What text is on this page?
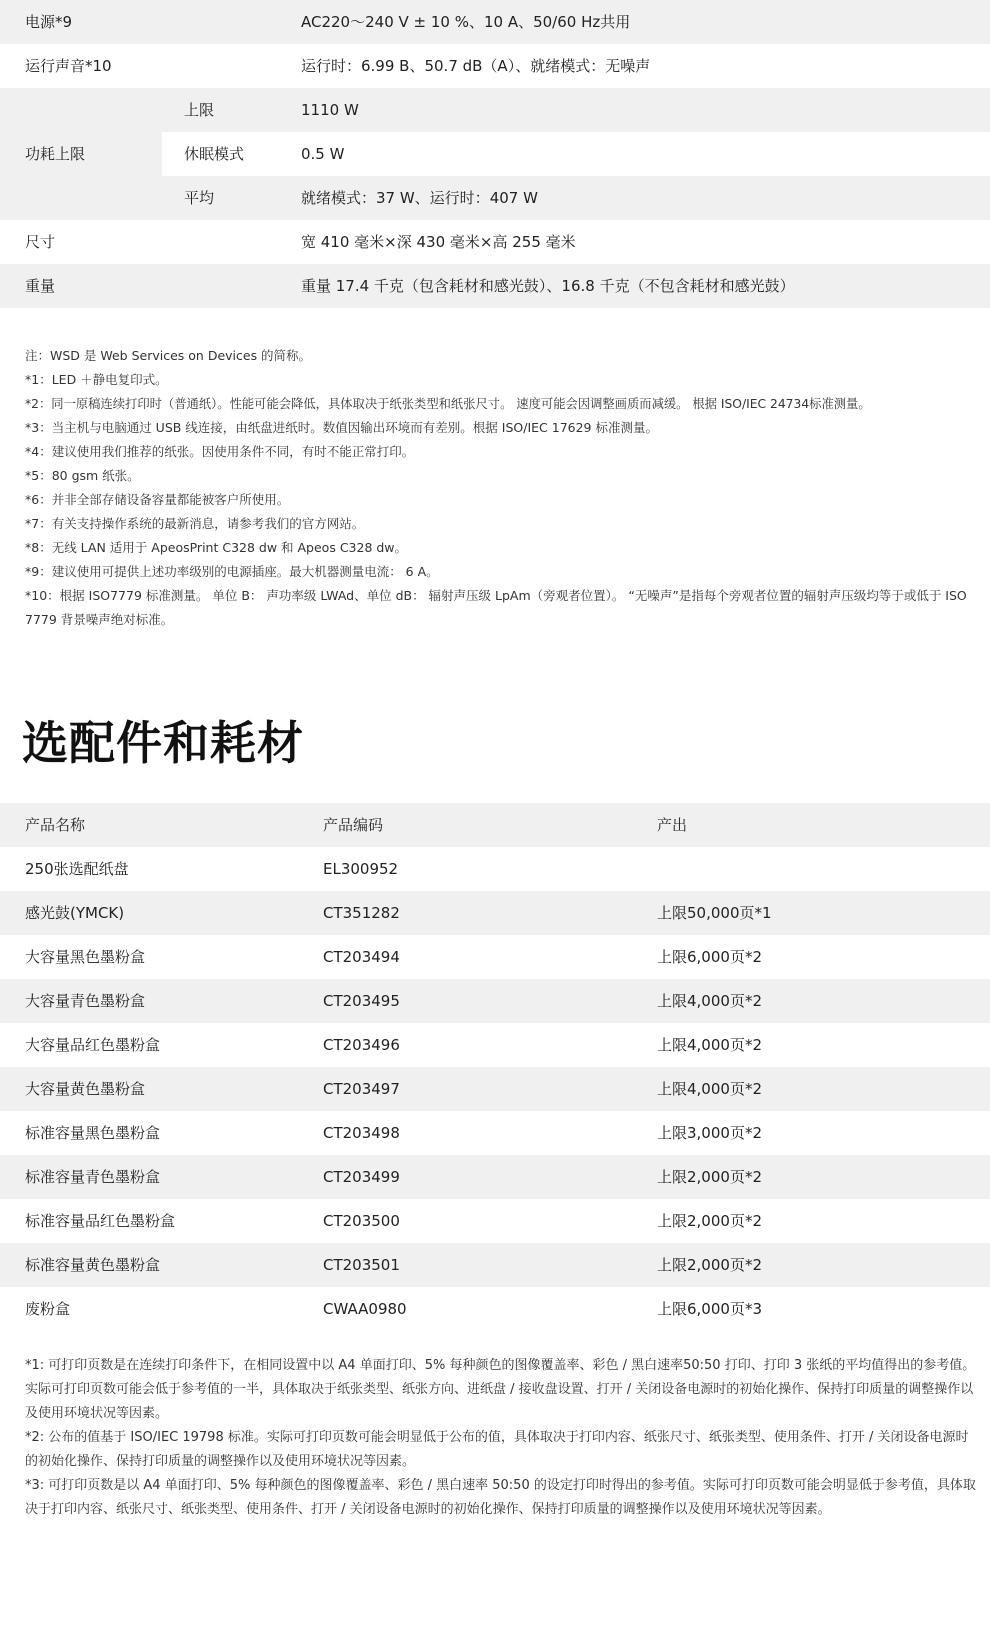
电源*9	AC220～240 V ± 10 %、10 A、50/60 Hz共用
运行声音*10	运行时：6.99 B、50.7 dB（A）、就绪模式：无噪声
功耗上限
上限	1110 W
休眠模式	0.5 W
平均	就绪模式：37 W、运行时：407 W
尺寸	宽 410 毫米×深 430 毫米×高 255 毫米
重量	重量 17.4 千克（包含耗材和感光鼓）、16.8 千克（不包含耗材和感光鼓）
注：WSD 是 Web Services on Devices 的简称。
*1：LED ＋静电复印式。
*2：同一原稿连续打印时（普通纸）。性能可能会降低，具体取决于纸张类型和纸张尺寸。 速度可能会因调整画质而减缓。 根据 ISO/IEC 24734标准测量。
*3：当主机与电脑通过 USB 线连接，由纸盘进纸时。数值因输出环境而有差别。根据 ISO/IEC 17629 标准测量。
*4：建议使用我们推荐的纸张。因使用条件不同，有时不能正常打印。
*5：80 gsm 纸张。
*6：并非全部存储设备容量都能被客户所使用。
*7：有关支持操作系统的最新消息，请参考我们的官方网站。
*8：无线 LAN 适用于 ApeosPrint C328 dw 和 Apeos C328 dw。
*9：建议使用可提供上述功率级别的电源插座。最大机器测量电流： 6 A。
*10：根据 ISO7779 标准测量。 单位 B： 声功率级 LWAd、单位 dB： 辐射声压级 LpAm（旁观者位置）。 “无噪声”是指每个旁观者位置的辐射声压级均等于或低于 ISO 7779 背景噪声绝对标准。
选配件和耗材
产品名称	产品编码	产出
250张选配纸盘	EL300952
感光鼓(YMCK)	CT351282	上限50,000页*1
大容量黑色墨粉盒	CT203494	上限6,000页*2
大容量青色墨粉盒	CT203495	上限4,000页*2
大容量品红色墨粉盒	CT203496	上限4,000页*2
大容量黄色墨粉盒	CT203497	上限4,000页*2
标准容量黑色墨粉盒	CT203498	上限3,000页*2
标准容量青色墨粉盒	CT203499	上限2,000页*2
标准容量品红色墨粉盒	CT203500	上限2,000页*2
标准容量黄色墨粉盒	CT203501	上限2,000页*2
废粉盒	CWAA0980	上限6,000页*3
*1: 可打印页数是在连续打印条件下，在相同设置中以 A4 单面打印、5% 每种颜色的图像覆盖率、彩色 / 黑白速率50:50 打印、打印 3 张纸的平均值得出的参考值。实际可打印页数可能会低于参考值的一半，具体取决于纸张类型、纸张方向、进纸盘 / 接收盘设置、打开 / 关闭设备电源时的初始化操作、保持打印质量的调整操作以及使用环境状况等因素。
*2: 公布的值基于 ISO/IEC 19798 标准。实际可打印页数可能会明显低于公布的值，具体取决于打印内容、纸张尺寸、纸张类型、使用条件、打开 / 关闭设备电源时的初始化操作、保持打印质量的调整操作以及使用环境状况等因素。
*3: 可打印页数是以 A4 单面打印、5% 每种颜色的图像覆盖率、彩色 / 黑白速率 50:50 的设定打印时得出的参考值。实际可打印页数可能会明显低于参考值，具体取决于打印内容、纸张尺寸、纸张类型、使用条件、打开 / 关闭设备电源时的初始化操作、保持打印质量的调整操作以及使用环境状况等因素。
